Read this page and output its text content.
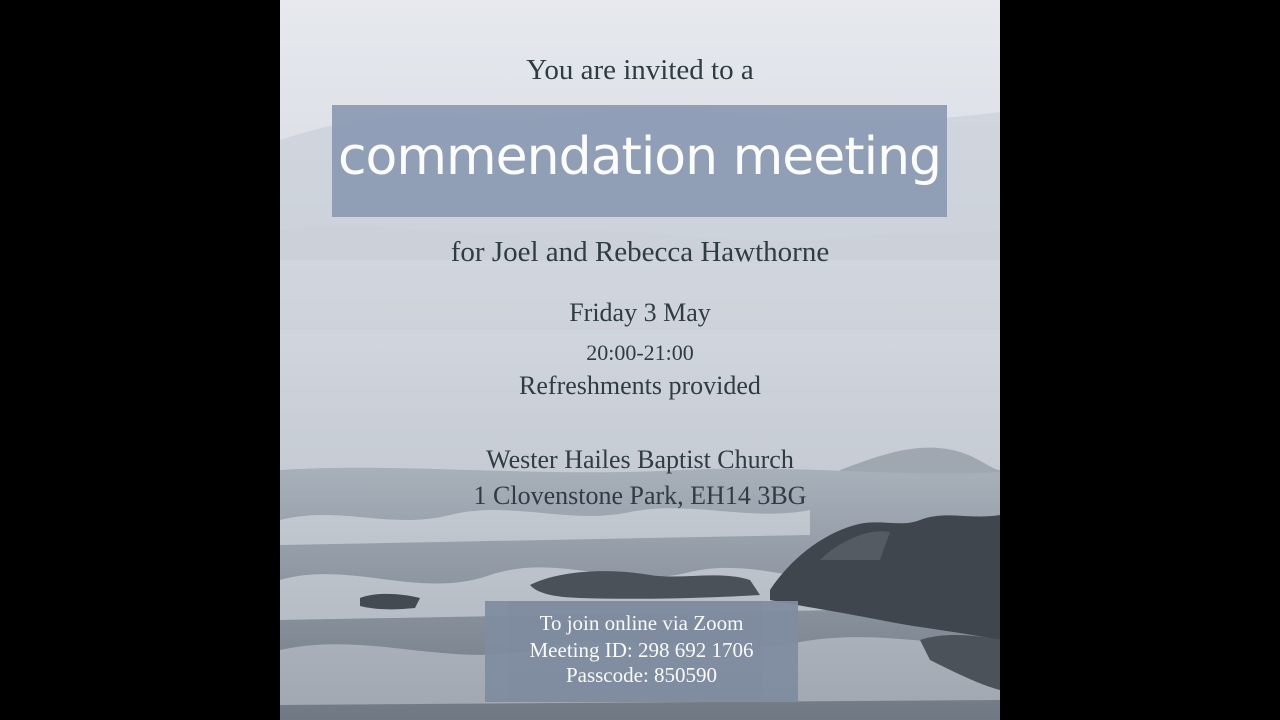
You are invited to a
commendation meeting
for Joel and Rebecca Hawthorne
Friday 3 May
20:00-21:00
Refreshments provided
Wester Hailes Baptist Church
1 Clovenstone Park, EH14 3BG
To join online via Zoom
Meeting ID: 298 692 1706
Passcode: 850590
